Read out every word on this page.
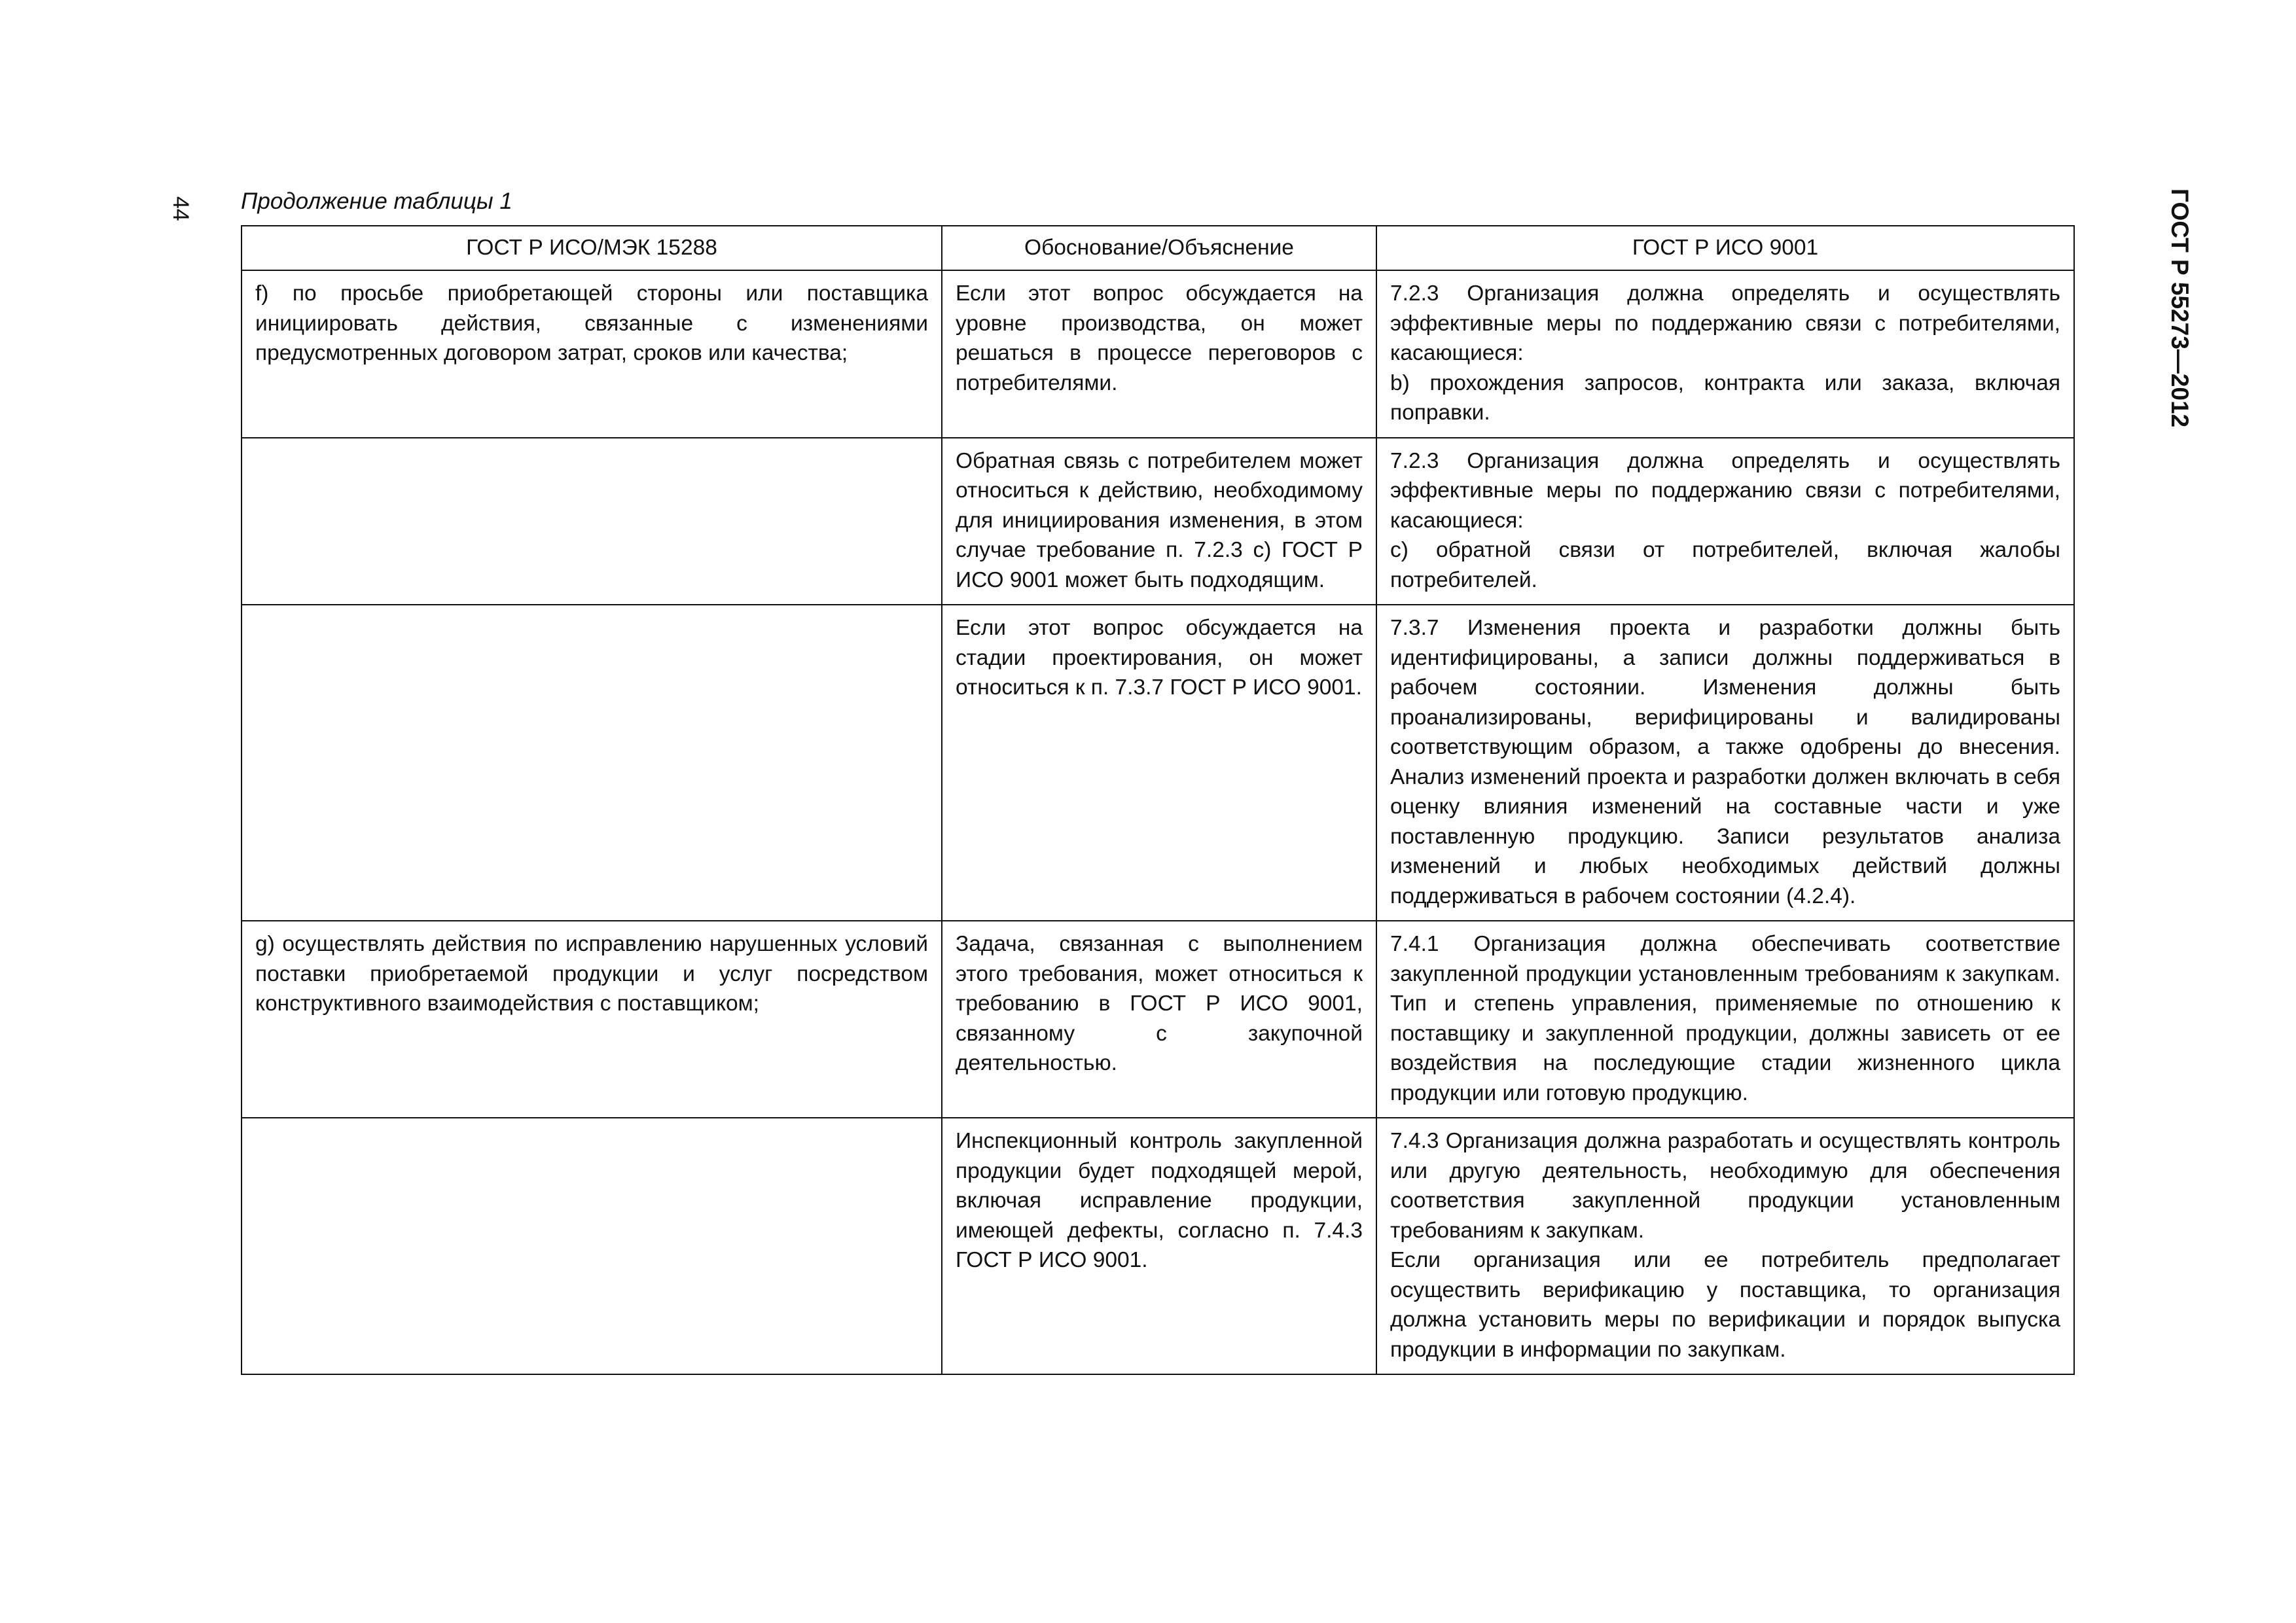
44 Продолжение таблицы 1	ГОСТ Р 55273—2012
ГОСТ Р ИСО/МЭК 15288	Обоснование/Объяснение	ГОСТ Р ИСО 9001
f) по просьбе приобретающей стороны или поставщика инициировать действия, связанные с изменениями предусмотренных договором затрат, сроков или качества;	Если этот вопрос обсуждается на уровне производства, он может решаться в процессе переговоров с потребителями.	7.2.3 Организация должна определять и осуществлять эффективные меры по поддержанию связи с потребителями, касающиеся:
b) прохождения запросов, контракта или заказа, включая поправки.

	Обратная связь с потребителем может относиться к действию, необходимому для инициирования изменения, в этом случае требование п. 7.2.3 с) ГОСТ Р ИСО 9001 может быть подходящим.	7.2.3 Организация должна определять и осуществлять эффективные меры по поддержанию связи с потребителями, касающиеся:
с) обратной связи от потребителей, включая жалобы потребителей.

	Если этот вопрос обсуждается на стадии проектирования, он может относиться к п. 7.3.7 ГОСТ Р ИСО 9001.	7.3.7 Изменения проекта и разработки должны быть идентифицированы, а записи должны поддерживаться в рабочем состоянии. Изменения должны быть проанализированы, верифицированы и валидированы соответствующим образом, а также одобрены до внесения. Анализ изменений проекта и разработки должен включать в себя оценку влияния изменений на составные части и уже поставленную продукцию. Записи результатов анализа изменений и любых необходимых действий должны поддерживаться в рабочем состоянии (4.2.4).

g) осуществлять действия по исправлению нарушенных условий поставки приобретаемой продукции и услуг посредством конструктивного взаимодействия с поставщиком;	Задача, связанная с выполнением этого требования, может относиться к требованию в ГОСТ Р ИСО 9001, связанному с закупочной деятельностью.	7.4.1 Организация должна обеспечивать соответствие закупленной продукции установленным требованиям к закупкам. Тип и степень управления, применяемые по отношению к поставщику и закупленной продукции, должны зависеть от ее воздействия на последующие стадии жизненного цикла продукции или готовую продукцию.

	Инспекционный контроль закупленной продукции будет подходящей мерой, включая исправление продукции, имеющей дефекты, согласно п. 7.4.3 ГОСТ Р ИСО 9001.	7.4.3 Организация должна разработать и осуществлять контроль или другую деятельность, необходимую для обеспечения соответствия закупленной продукции установленным требованиям к закупкам.
Если организация или ее потребитель предполагает осуществить верификацию у поставщика, то организация должна установить меры по верификации и порядок выпуска продукции в информации по закупкам.
